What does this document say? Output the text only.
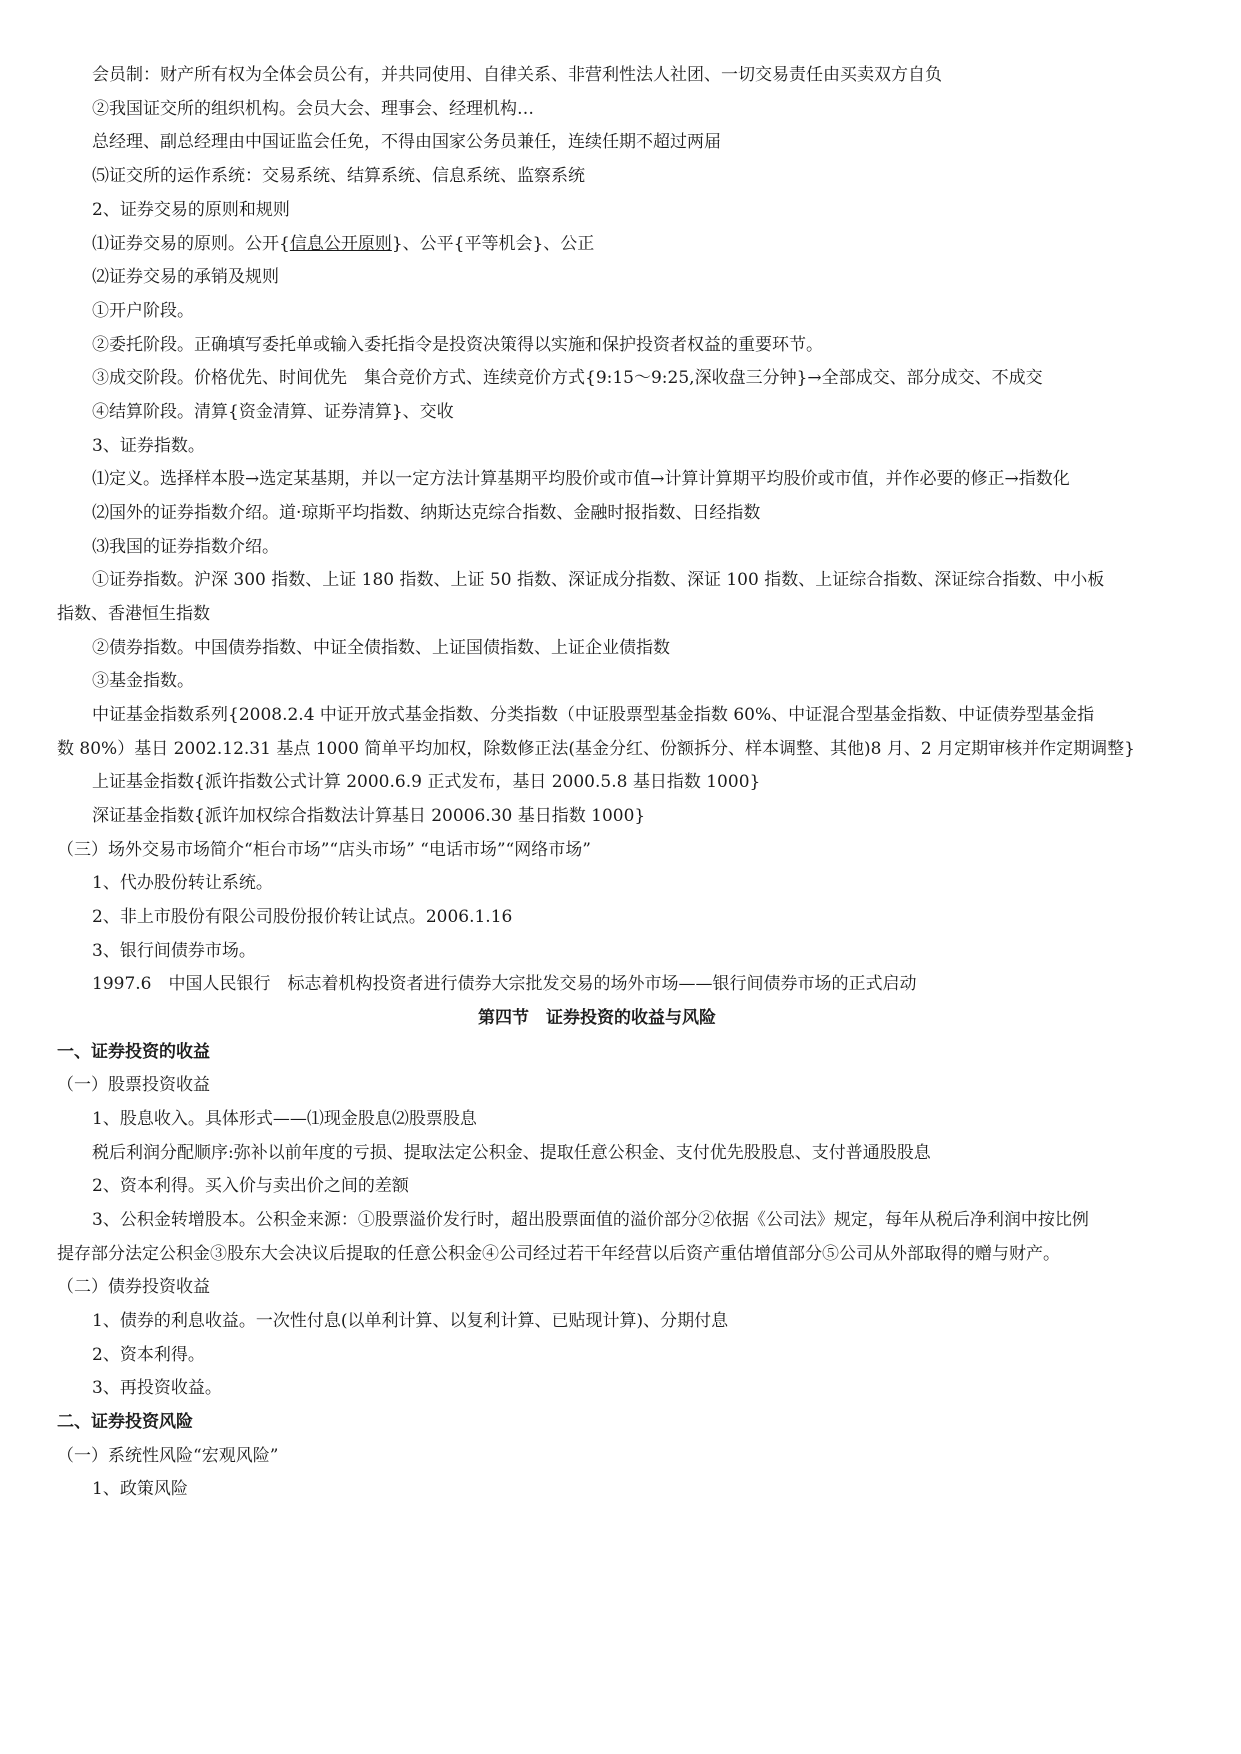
会员制：财产所有权为全体会员公有，并共同使用、自律关系、非营利性法人社团、一切交易责任由买卖双方自负
②我国证交所的组织机构。会员大会、理事会、经理机构…
总经理、副总经理由中国证监会任免，不得由国家公务员兼任，连续任期不超过两届
⑸证交所的运作系统：交易系统、结算系统、信息系统、监察系统
2、证券交易的原则和规则
⑴证券交易的原则。公开{信息公开原则}、公平{平等机会}、公正
⑵证券交易的承销及规则
①开户阶段。
②委托阶段。正确填写委托单或输入委托指令是投资决策得以实施和保护投资者权益的重要环节。
③成交阶段。价格优先、时间优先　集合竞价方式、连续竞价方式{9:15～9:25,深收盘三分钟}→全部成交、部分成交、不成交
④结算阶段。清算{资金清算、证券清算}、交收
3、证券指数。
⑴定义。选择样本股→选定某基期，并以一定方法计算基期平均股价或市值→计算计算期平均股价或市值，并作必要的修正→指数化
⑵国外的证券指数介绍。道·琼斯平均指数、纳斯达克综合指数、金融时报指数、日经指数
⑶我国的证券指数介绍。
①证券指数。沪深 300 指数、上证 180 指数、上证 50 指数、深证成分指数、深证 100 指数、上证综合指数、深证综合指数、中小板
指数、香港恒生指数
②债券指数。中国债券指数、中证全债指数、上证国债指数、上证企业债指数
③基金指数。
中证基金指数系列{2008.2.4 中证开放式基金指数、分类指数（中证股票型基金指数 60%、中证混合型基金指数、中证债券型基金指
数 80%）基日 2002.12.31 基点 1000 简单平均加权，除数修正法(基金分红、份额拆分、样本调整、其他)8 月、2 月定期审核并作定期调整}
上证基金指数{派许指数公式计算 2000.6.9 正式发布，基日 2000.5.8 基日指数 1000}
深证基金指数{派许加权综合指数法计算基日 20006.30 基日指数 1000}
（三）场外交易市场简介“柜台市场”“店头市场” “电话市场”“网络市场”
1、代办股份转让系统。
2、非上市股份有限公司股份报价转让试点。2006.1.16
3、银行间债券市场。
1997.6　中国人民银行　标志着机构投资者进行债券大宗批发交易的场外市场——银行间债券市场的正式启动
第四节　证券投资的收益与风险
一、证券投资的收益
（一）股票投资收益
1、股息收入。具体形式——⑴现金股息⑵股票股息
税后利润分配顺序:弥补以前年度的亏损、提取法定公积金、提取任意公积金、支付优先股股息、支付普通股股息
2、资本利得。买入价与卖出价之间的差额
3、公积金转增股本。公积金来源：①股票溢价发行时，超出股票面值的溢价部分②依据《公司法》规定，每年从税后净利润中按比例
提存部分法定公积金③股东大会决议后提取的任意公积金④公司经过若干年经营以后资产重估增值部分⑤公司从外部取得的赠与财产。
（二）债券投资收益
1、债券的利息收益。一次性付息(以单利计算、以复利计算、已贴现计算)、分期付息
2、资本利得。
3、再投资收益。
二、证券投资风险
（一）系统性风险“宏观风险”
1、政策风险
